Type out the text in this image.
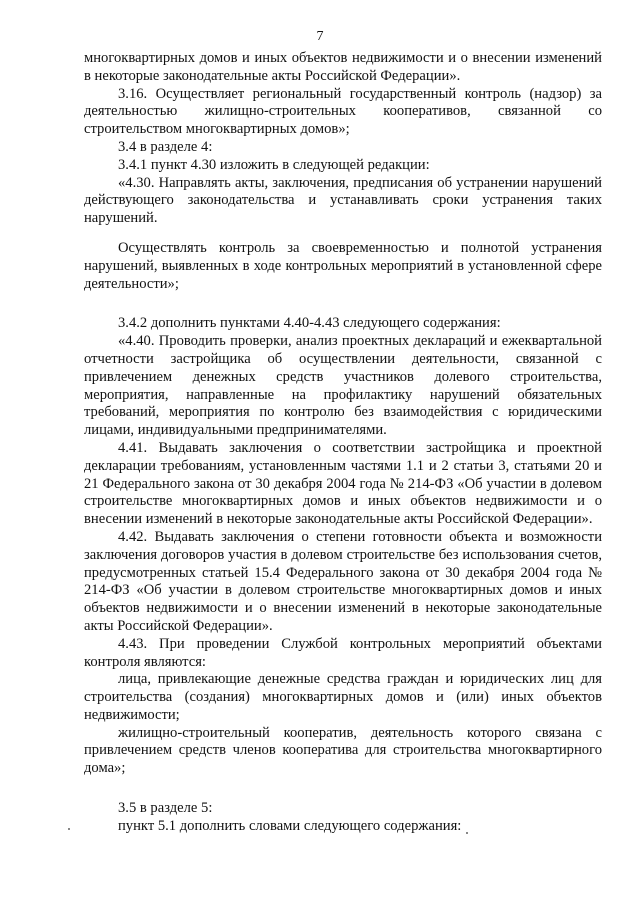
7

многоквартирных домов и иных объектов недвижимости и о внесении изменений в некоторые законодательные акты Российской Федерации».

3.16. Осуществляет региональный государственный контроль (надзор) за деятельностью жилищно-строительных кооперативов, связанной со строительством многоквартирных домов»;

3.4 в разделе 4:

3.4.1 пункт 4.30 изложить в следующей редакции:

«4.30. Направлять акты, заключения, предписания об устранении нарушений действующего законодательства и устанавливать сроки устранения таких нарушений.

Осуществлять контроль за своевременностью и полнотой устранения нарушений, выявленных в ходе контрольных мероприятий в установленной сфере деятельности»;

3.4.2 дополнить пунктами 4.40-4.43 следующего содержания:

«4.40. Проводить проверки, анализ проектных деклараций и ежеквартальной отчетности застройщика об осуществлении деятельности, связанной с привлечением денежных средств участников долевого строительства, мероприятия, направленные на профилактику нарушений обязательных требований, мероприятия по контролю без взаимодействия с юридическими лицами, индивидуальными предпринимателями.

4.41. Выдавать заключения о соответствии застройщика и проектной декларации требованиям, установленным частями 1.1 и 2 статьи 3, статьями 20 и 21 Федерального закона от 30 декабря 2004 года № 214-ФЗ «Об участии в долевом строительстве многоквартирных домов и иных объектов недвижимости и о внесении изменений в некоторые законодательные акты Российской Федерации».

4.42. Выдавать заключения о степени готовности объекта и возможности заключения договоров участия в долевом строительстве без использования счетов, предусмотренных статьей 15.4 Федерального закона от 30 декабря 2004 года № 214-ФЗ «Об участии в долевом строительстве многоквартирных домов и иных объектов недвижимости и о внесении изменений в некоторые законодательные акты Российской Федерации».

4.43. При проведении Службой контрольных мероприятий объектами контроля являются:

лица, привлекающие денежные средства граждан и юридических лиц для строительства (создания) многоквартирных домов и (или) иных объектов недвижимости;

жилищно-строительный кооператив, деятельность которого связана с привлечением средств членов кооператива для строительства многоквартирного дома»;

3.5 в разделе 5:

пункт 5.1 дополнить словами следующего содержания:
